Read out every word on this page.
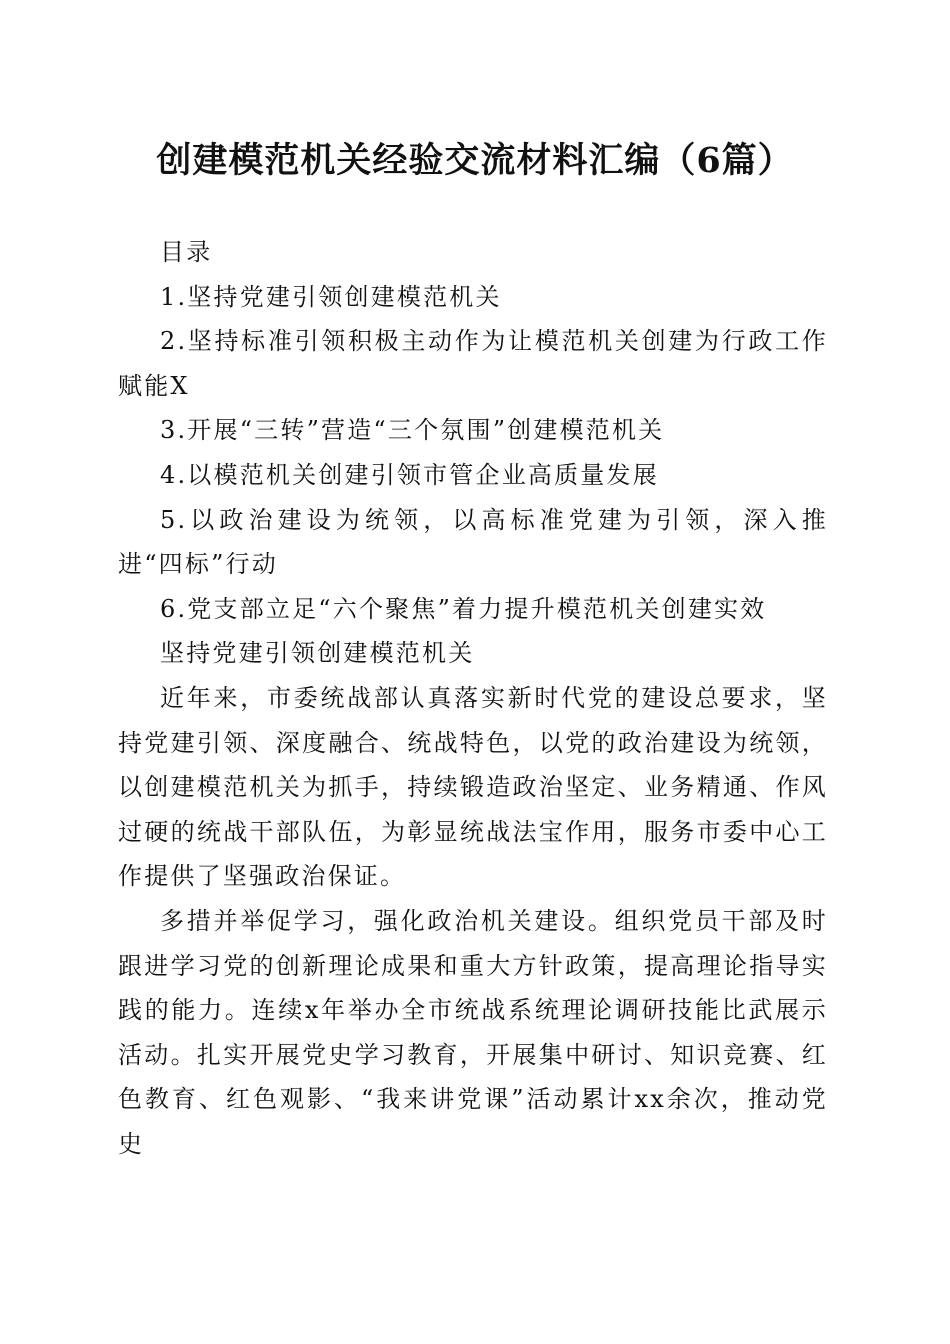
创建模范机关经验交流材料汇编（6篇）

目录

1.坚持党建引领创建模范机关

2.坚持标准引领积极主动作为让模范机关创建为行政工作赋能X

3.开展“三转”营造“三个氛围”创建模范机关

4.以模范机关创建引领市管企业高质量发展

5.以政治建设为统领，以高标准党建为引领，深入推进“四标”行动

6.党支部立足“六个聚焦”着力提升模范机关创建实效

坚持党建引领创建模范机关

近年来，市委统战部认真落实新时代党的建设总要求，坚持党建引领、深度融合、统战特色，以党的政治建设为统领，以创建模范机关为抓手，持续锻造政治坚定、业务精通、作风过硬的统战干部队伍，为彰显统战法宝作用，服务市委中心工作提供了坚强政治保证。

多措并举促学习，强化政治机关建设。组织党员干部及时跟进学习党的创新理论成果和重大方针政策，提高理论指导实践的能力。连续x年举办全市统战系统理论调研技能比武展示活动。扎实开展党史学习教育，开展集中研讨、知识竞赛、红色教育、红色观影、“我来讲党课”活动累计xx余次，推动党史
